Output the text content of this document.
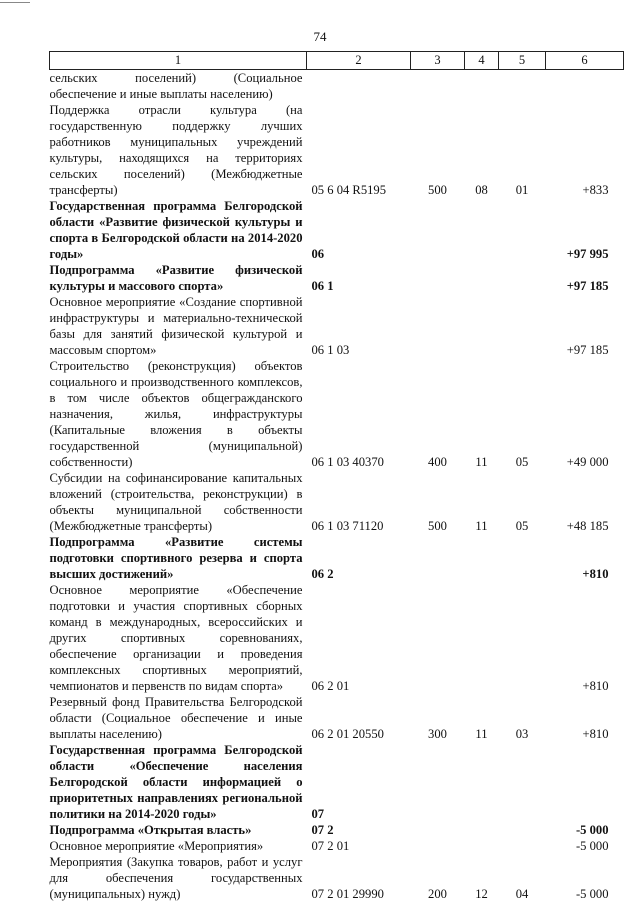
74
1	2	3	4	5	6
сельских поселений) (Социальное обеспечение и иные выплаты населению)					
Поддержка отрасли культура (на государственную поддержку лучших работников муниципальных учреждений культуры, находящихся на территориях сельских поселений) (Межбюджетные трансферты)	05 6 04 R5195	500	08	01	+833
Государственная программа Белгородской области «Развитие физической культуры и спорта в Белгородской области на 2014-2020 годы»	06				+97 995
Подпрограмма «Развитие физической культуры и массового спорта»	06 1				+97 185
Основное мероприятие «Создание спортивной инфраструктуры и материально-технической базы для занятий физической культурой и массовым спортом»	06 1 03				+97 185
Строительство (реконструкция) объектов социального и производственного комплексов, в том числе объектов общегражданского назначения, жилья, инфраструктуры (Капитальные вложения в объекты государственной (муниципальной) собственности)	06 1 03 40370	400	11	05	+49 000
Субсидии на софинансирование капитальных вложений (строительства, реконструкции) в объекты муниципальной собственности (Межбюджетные трансферты)	06 1 03 71120	500	11	05	+48 185
Подпрограмма «Развитие системы подготовки спортивного резерва и спорта высших достижений»	06 2				+810
Основное мероприятие «Обеспечение подготовки и участия спортивных сборных команд в международных, всероссийских и других спортивных соревнованиях, обеспечение организации и проведения комплексных спортивных мероприятий, чемпионатов и первенств по видам спорта»	06 2 01				+810
Резервный фонд Правительства Белгородской области (Социальное обеспечение и иные выплаты населению)	06 2 01 20550	300	11	03	+810
Государственная программа Белгородской области «Обеспечение населения Белгородской области информацией о приоритетных направлениях региональной политики на 2014-2020 годы»	07				
Подпрограмма «Открытая власть»	07 2				-5 000
Основное мероприятие «Мероприятия»	07 2 01				-5 000
Мероприятия (Закупка товаров, работ и услуг для обеспечения государственных (муниципальных) нужд)	07 2 01 29990	200	12	04	-5 000
